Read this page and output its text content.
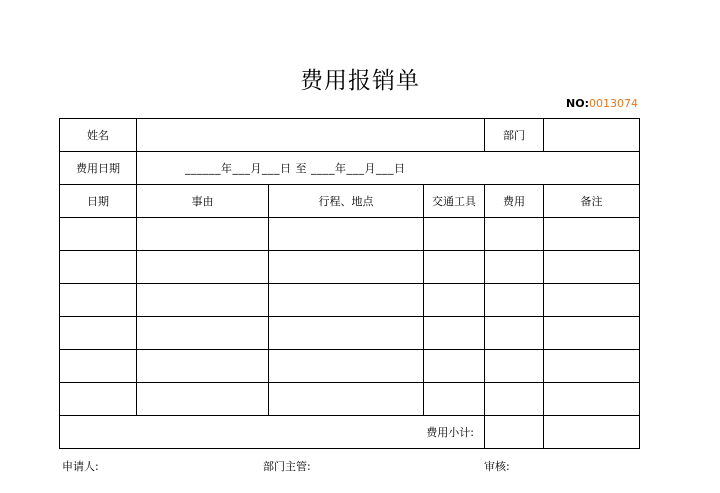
费用报销单
NO:0013074
姓名				部门	
费用日期	______年___月___日 至 ____年___月___日				
日期	事由	行程、地点	交通工具	费用	备注

费用小计:					
申请人:	部门主管:	审核:
